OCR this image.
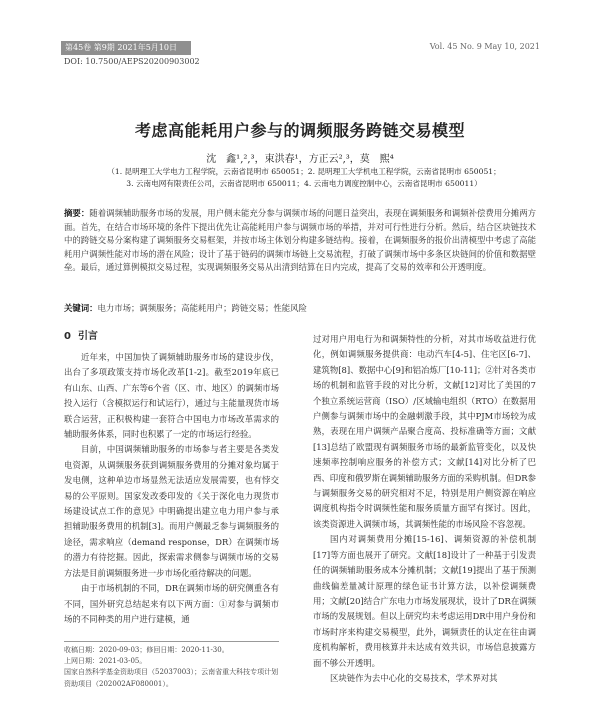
第45卷 第9期 2021年5月10日	Vol. 45 No. 9 May 10, 2021
DOI: 10.7500/AEPS20200903002
考虑高能耗用户参与的调频服务跨链交易模型
沈　鑫¹,²,³，束洪春¹，方正云²,³，莫　熙⁴
（1. 昆明理工大学电力工程学院，云南省昆明市 650051；2. 昆明理工大学机电工程学院，云南省昆明市 650051；
3. 云南电网有限责任公司，云南省昆明市 650011；4. 云南电力调度控制中心，云南省昆明市 650011）
摘要：随着调频辅助服务市场的发展，用户侧未能充分参与调频市场的问题日益突出，表现在调频服务和调频补偿费用分摊两方面。首先，在结合市场环境的条件下提出优先让高能耗用户参与调频市场的举措，并对可行性进行分析。然后，结合区块链技术中的跨链交易分案构建了调频服务交易框架，并按市场主体划分构建多链结构。接着，在调频服务的报价出清模型中考虑了高能耗用户调频性能对市场的潜在风险；设计了基于链码的调频市场链上交易流程，打破了调频市场中多条区块链间的价值和数据壁垒。最后，通过算例模拟交易过程，实现调频服务交易从出清到结算在日内完成，提高了交易的效率和公开透明度。
关键词：电力市场；调频服务；高能耗用户；跨链交易；性能风险
0 引言

近年来，中国加快了调频辅助服务市场的建设步伐，出台了多项政策支持市场化改革[1-2]。截至2019年底已有山东、山西、广东等6个省（区、市、地区）的调频市场投入运行（含模拟运行和试运行），通过与主能量现货市场联合运营，正积极构建一套符合中国电力市场改革需求的辅助服务体系，同时也积累了一定的市场运行经验。

目前，中国调频辅助服务的市场参与者主要是各类发电资源，从调频服务获到调频服务费用的分摊对象均属于发电侧，这种单边市场显然无法适应发展需要，也有悖交易的公平原则。国家发改委印发的《关于深化电力现货市场建设试点工作的意见》中明确提出建立电力用户参与承担辅助服务费用的机制[3]。而用户侧最乏参与调频服务的途径，需求响应（demand response，DR）在调频市场的潜力有待挖掘。因此，探索需求侧参与调频市场的交易方法是目前调频服务进一步市场化亟待解决的问题。

由于市场机制的不同，DR在调频市场的研究侧重各有不同，国外研究总结起来有以下两方面：①对参与调频市场的不同种类的用户进行建模，通

过对用户用电行为和调频特性的分析，对其市场收益进行优化，例如调频服务提供商：电动汽车[4-5]、住宅区[6-7]、建筑物[8]、数据中心[9]和铝冶炼厂[10-11]；②针对各类市场的机制和监管手段的对比分析，文献[12]对比了美国的7个独立系统运营商（ISO）/区域输电组织（RTO）在数据用户侧参与调频市场中的金融刺激手段，其中PJM市场较为成熟，表现在用户调频产品聚合度高、投标准确等方面；文献[13]总结了欧盟现有调频服务市场的最新监管变化，以及快速频率控制响应服务的补偿方式；文献[14]对比分析了巴西、印度和俄罗斯在调频辅助服务方面的采购机制。但DR参与调频服务交易的研究相对不足，特别是用户侧资源在响应调度机构指令时调频性能和服务质量方面罕有探讨。因此，该类资源进入调频市场，其调频性能的市场风险不容忽视。

国内对调频费用分摊[15-16]、调频资源的补偿机制[17]等方面也展开了研究。文献[18]设计了一种基于引发责任的调频辅助服务成本分摊机制；文献[19]提出了基于预测曲线偏差量减计原理的绿色证书计算方法，以补偿调频费用；文献[20]结合广东电力市场发展现状，设计了DR在调频市场的发展规划。但以上研究均未考虑运用DR中用户身份和市场时序来构建交易模型，此外，调频责任的认定在往由调度机构解析，费用核算并未达成有效共识，市场信息披露方面不够公开透明。

区块链作为去中心化的交易技术，学术界对其

收稿日期：2020-09-03；修回日期：2020-11-30。
上网日期：2021-03-05。
国家自然科学基金资助项目（52037003）；云南省重大科技专项计划资助项目（202002AF080001）。
